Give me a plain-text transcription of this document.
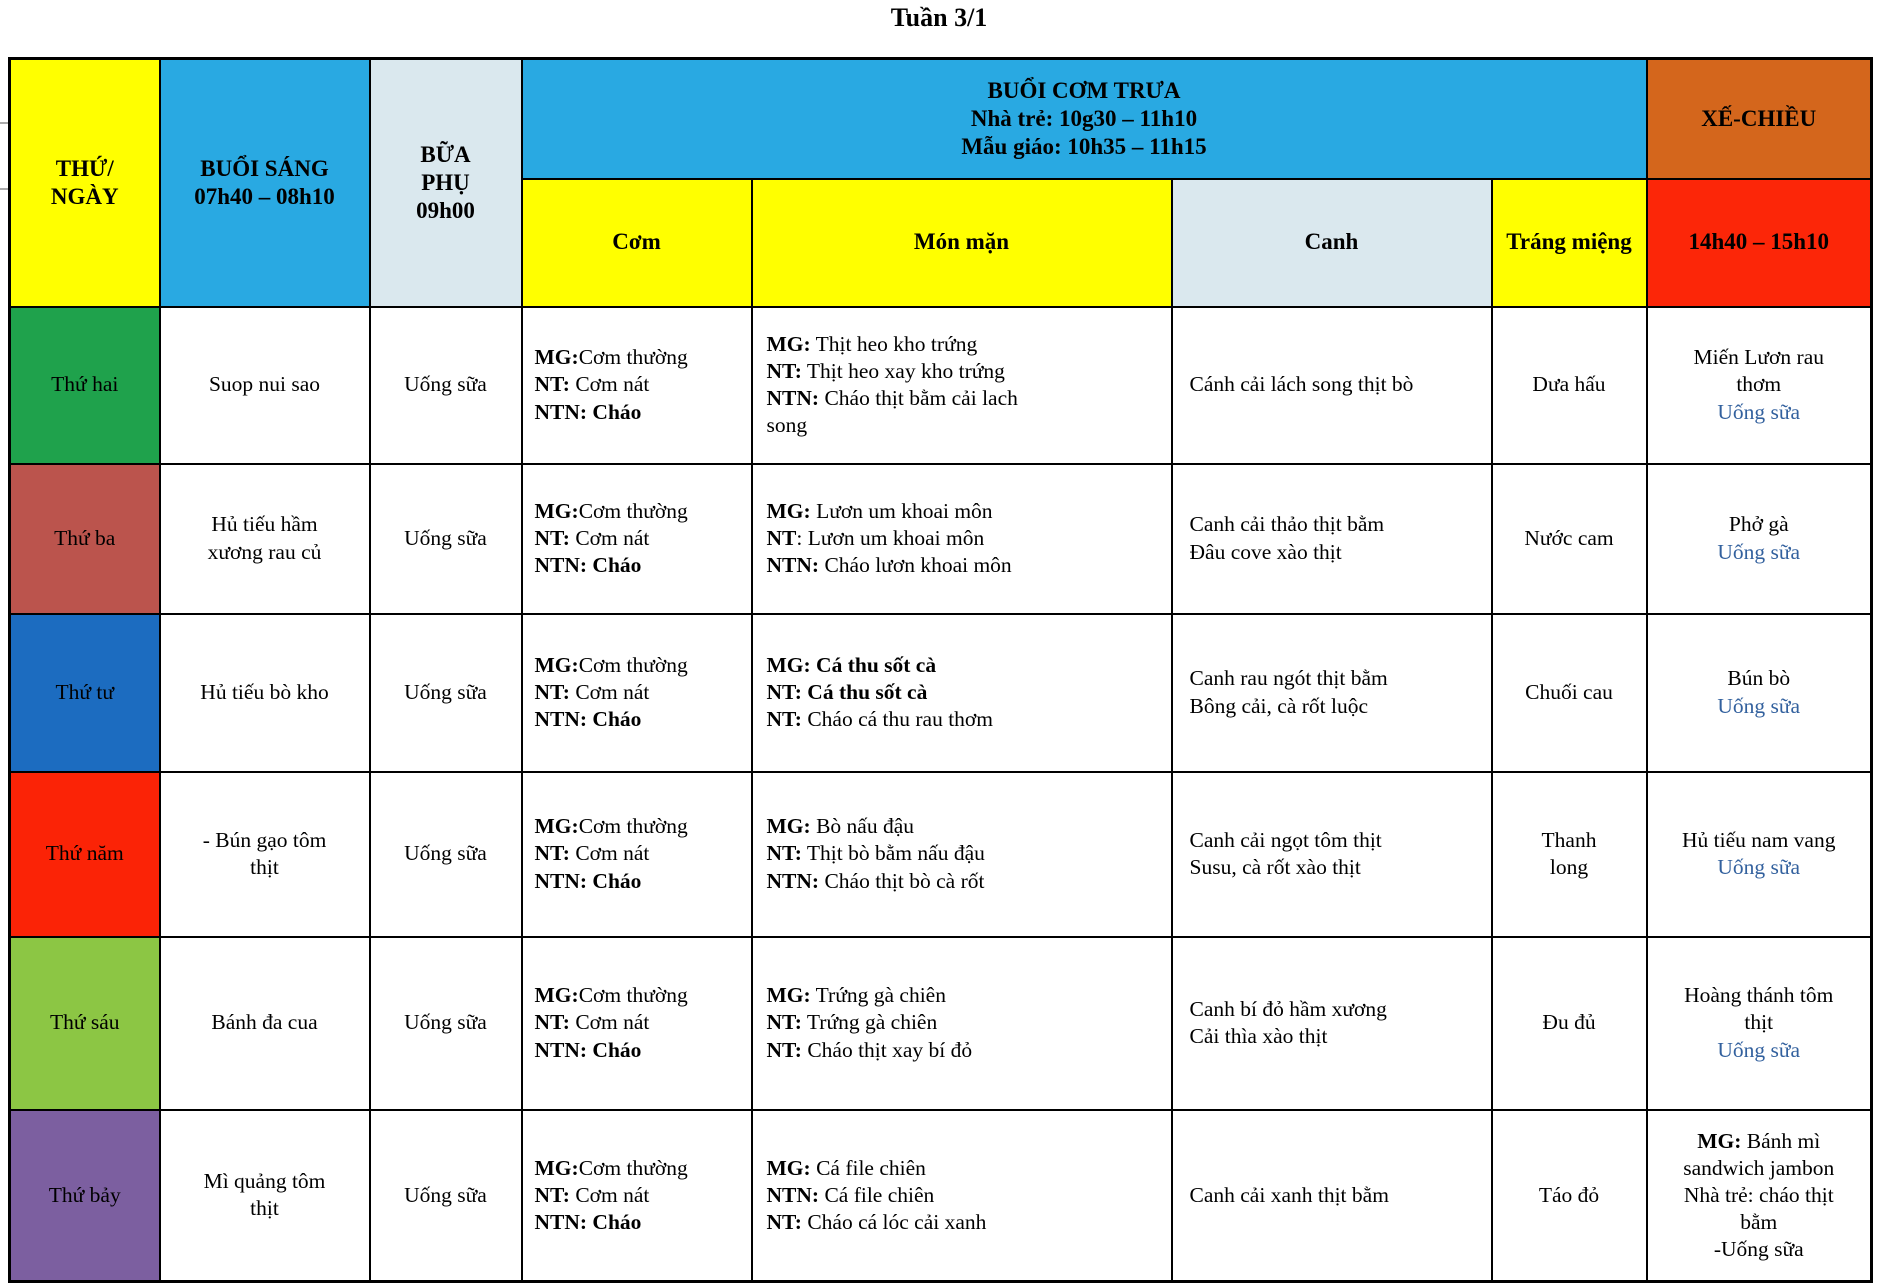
Tuần 3/1
THỨ/
NGÀY	BUỔI SÁNG
07h40 – 08h10	BỮA
PHỤ
09h00	BUỔI CƠM TRƯA
Nhà trẻ: 10g30 – 11h10
Mẫu giáo: 10h35 – 11h15				XẾ-CHIỀU
			Cơm	Món mặn	Canh	Tráng miệng	14h40 – 15h10
Thứ hai	Suop nui sao	Uống sữa	MG:Cơm thường
NT: Cơm nát
NTN: Cháo	MG: Thịt heo kho trứng
NT: Thịt heo xay kho trứng
NTN: Cháo thịt bằm cải lach
song	Cánh cải lách song thịt bò	Dưa hấu	Miến Lươn rau
thơm
Uống sữa

Thứ ba	Hủ tiếu hầm
xương rau củ	Uống sữa	MG:Cơm thường
NT: Cơm nát
NTN: Cháo	MG: Lươn um khoai môn
NT: Lươn um khoai môn
NTN: Cháo lươn khoai môn	Canh cải thảo thịt bằm
Đâu cove xào thịt	Nước cam	Phở gà
Uống sữa

Thứ tư	Hủ tiếu bò kho	Uống sữa	MG:Cơm thường
NT: Cơm nát
NTN: Cháo	MG: Cá thu sốt cà
NT: Cá thu sốt cà
NT: Cháo cá thu rau thơm	Canh rau ngót thịt bằm
Bông cải, cà rốt luộc	Chuối cau	Bún bò
Uống sữa

Thứ năm	- Bún gạo tôm
thịt	Uống sữa	MG:Cơm thường
NT: Cơm nát
NTN: Cháo	MG: Bò nấu đậu
NT: Thịt bò bằm nấu đậu
NTN: Cháo thịt bò cà rốt	Canh cải ngọt tôm thịt
Susu, cà rốt xào thịt	Thanh
long	Hủ tiếu nam vang
Uống sữa

Thứ sáu	Bánh đa cua	Uống sữa	MG:Cơm thường
NT: Cơm nát
NTN: Cháo	MG: Trứng gà chiên
NT: Trứng gà chiên
NT: Cháo thịt xay bí đỏ	Canh bí đỏ hầm xương
Cải thìa xào thịt	Đu đủ	Hoàng thánh tôm
thịt
Uống sữa

Thứ bảy	Mì quảng tôm
thịt	Uống sữa	MG:Cơm thường
NT: Cơm nát
NTN: Cháo	MG: Cá file chiên
NTN: Cá file chiên
NT: Cháo cá lóc cải xanh	Canh cải xanh thịt bằm	Táo đỏ	MG: Bánh mì
sandwich jambon
Nhà trẻ: cháo thịt
bằm
-Uống sữa
